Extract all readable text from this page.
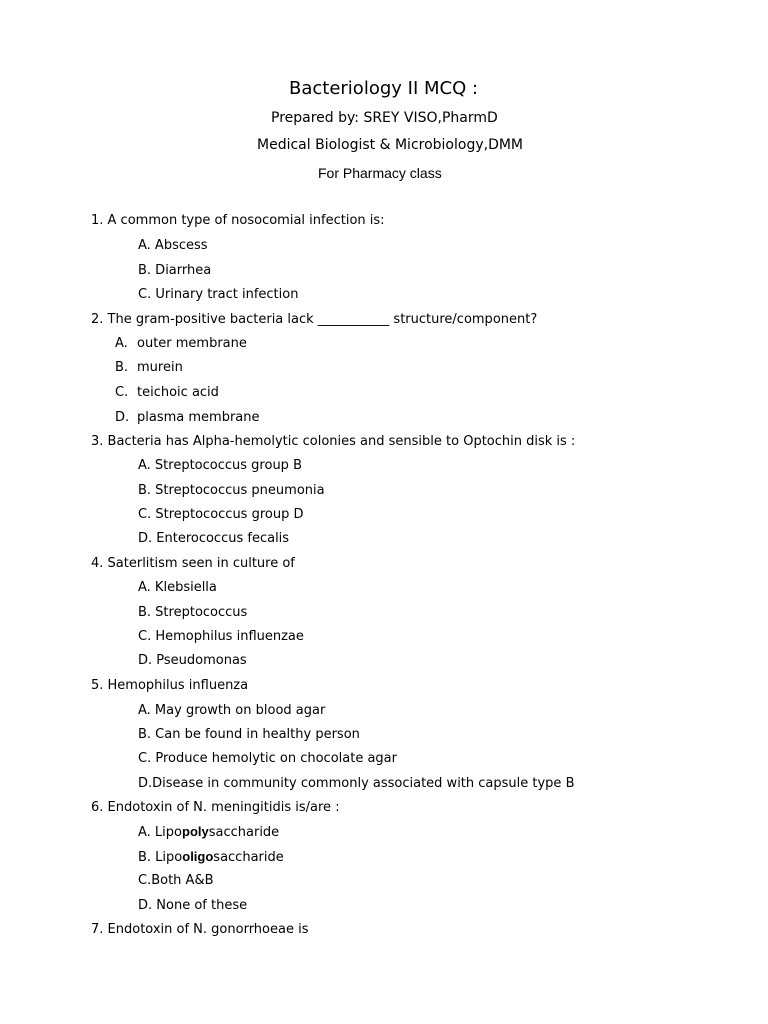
Bacteriology II MCQ :
Prepared by: SREY VISO,PharmD
Medical Biologist & Microbiology,DMM
For Pharmacy class
1. A common type of nosocomial infection is:
A. Abscess
B. Diarrhea
C. Urinary tract infection
2. The gram-positive bacteria lack ___________ structure/component?
A. outer membrane
B. murein
C. teichoic acid
D. plasma membrane
3. Bacteria has Alpha-hemolytic colonies and sensible to Optochin disk is :
A. Streptococcus group B
B. Streptococcus pneumonia
C. Streptococcus group D
D. Enterococcus fecalis
4. Saterlitism seen in culture of
A. Klebsiella
B. Streptococcus
C. Hemophilus influenzae
D. Pseudomonas
5. Hemophilus influenza
A. May growth on blood agar
B. Can be found in healthy person
C. Produce hemolytic on chocolate agar
D.Disease in community commonly associated with capsule type B
6. Endotoxin of N. meningitidis is/are :
A. Lipopolysaccharide
B. Lipooligosaccharide
C.Both A&B
D. None of these
7. Endotoxin of N. gonorrhoeae is
